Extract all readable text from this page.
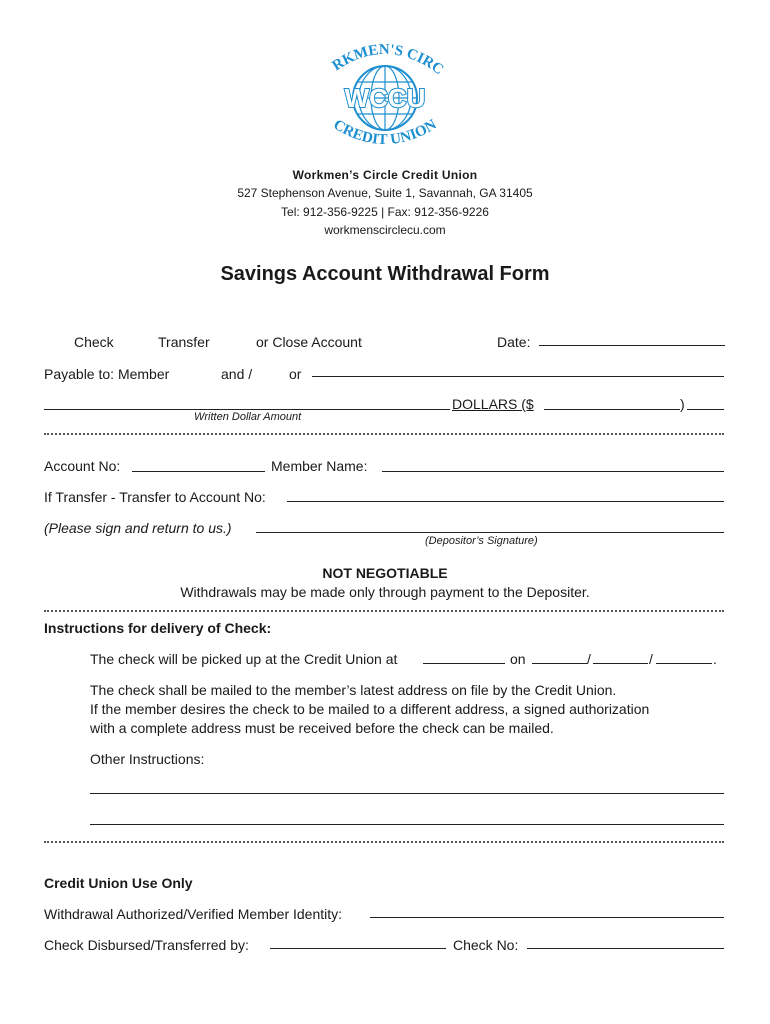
RKMEN'S CIRC
WCCU
CREDIT UNION
Workmen’s Circle Credit Union
527 Stephenson Avenue, Suite 1, Savannah, GA 31405
Tel: 912-356-9225 | Fax: 912-356-9226
workmenscirclecu.com
Savings Account Withdrawal Form
Check	Transfer	or Close Account	Date:
Payable to: Member	and /	or
DOLLARS ($	)
Written Dollar Amount
Account No:	Member Name:
If Transfer - Transfer to Account No:
(Please sign and return to us.)
(Depositor’s Signature)
NOT NEGOTIABLE
Withdrawals may be made only through payment to the Depositer.
Instructions for delivery of Check:
The check will be picked up at the Credit Union at	on	/	/	.
The check shall be mailed to the member’s latest address on file by the Credit Union.
If the member desires the check to be mailed to a different address, a signed authorization
with a complete address must be received before the check can be mailed.
Other Instructions:
Credit Union Use Only
Withdrawal Authorized/Verified Member Identity:
Check Disbursed/Transferred by:	Check No:
